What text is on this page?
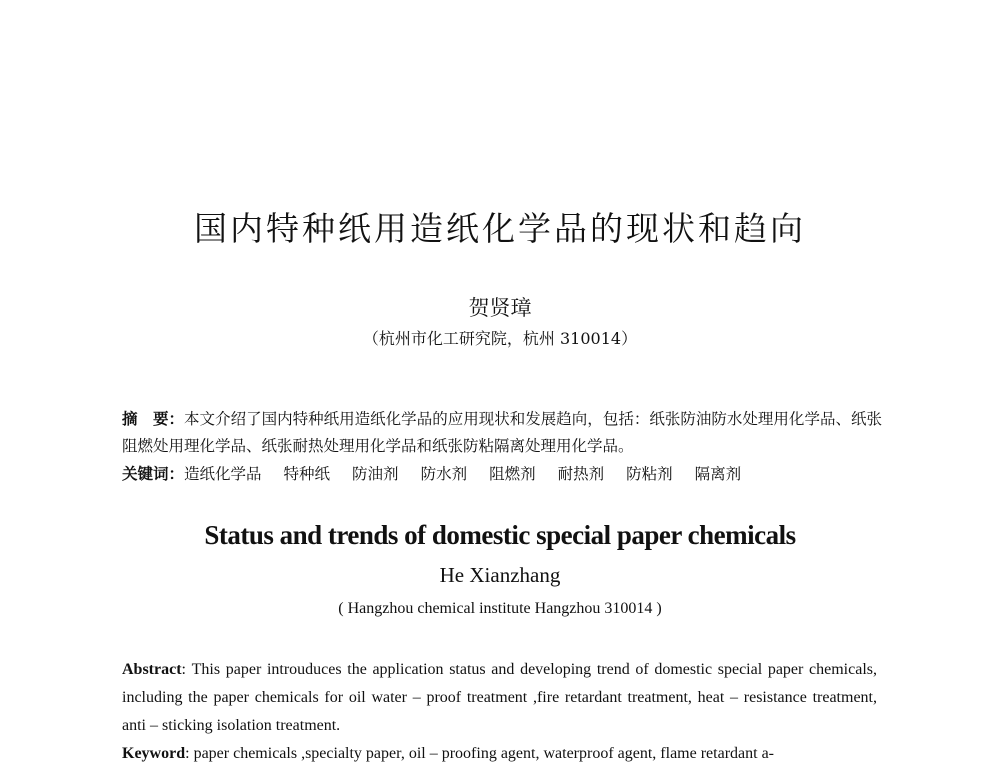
国内特种纸用造纸化学品的现状和趋向
贺贤璋
（杭州市化工研究院，杭州 310014）
摘　要：本文介绍了国内特种纸用造纸化学品的应用现状和发展趋向，包括：纸张防油防水处理用化学品、纸张阻燃处用理化学品、纸张耐热处理用化学品和纸张防粘隔离处理用化学品。
关键词：造纸化学品 特种纸 防油剂 防水剂 阻燃剂 耐热剂 防粘剂 隔离剂
Status and trends of domestic special paper chemicals
He Xianzhang
( Hangzhou chemical institute Hangzhou 310014 )
Abstract: This paper introuduces the application status and developing trend of domestic special paper chemicals, including the paper chemicals for oil water – proof treatment ,fire retardant treatment, heat – resistance treatment, anti – sticking isolation treatment.
Keyword: paper chemicals ,specialty paper, oil – proofing agent, waterproof agent, flame retardant a-
